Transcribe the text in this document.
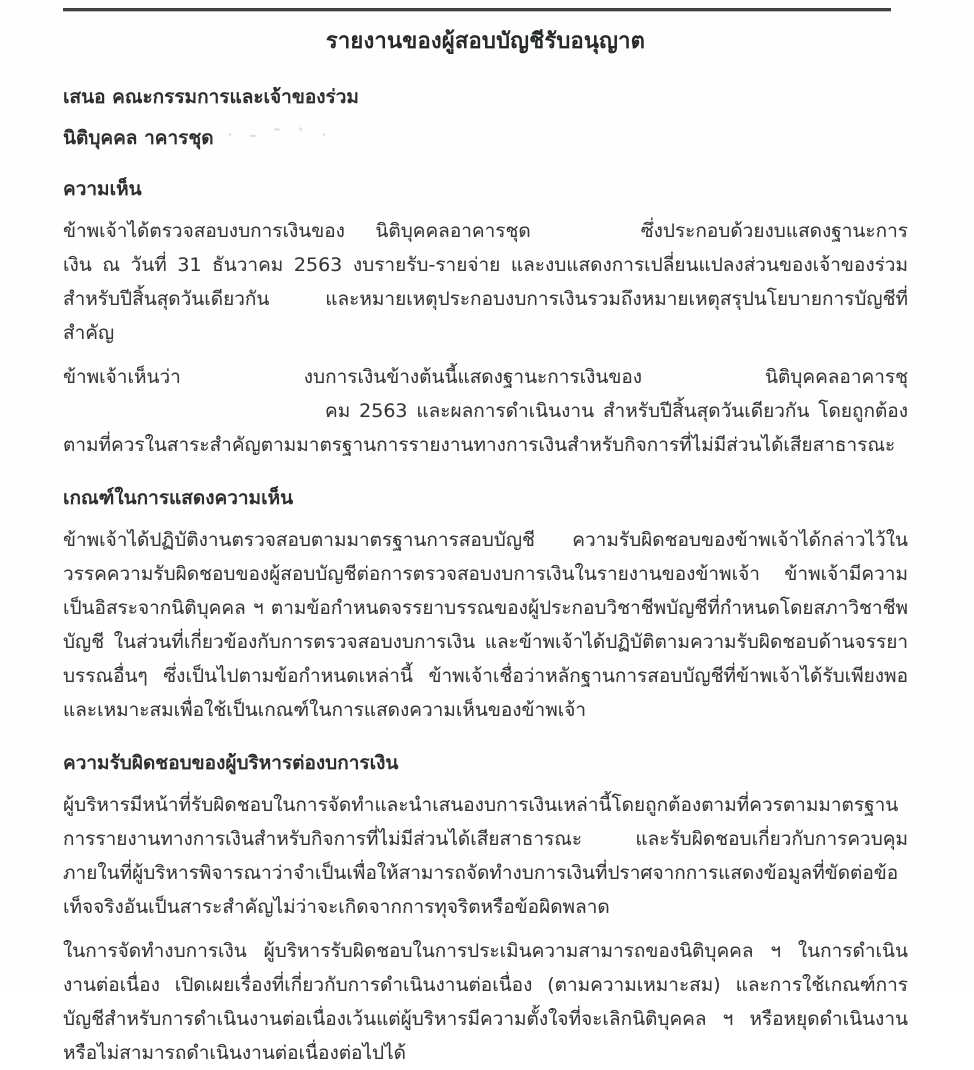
รายงานของผู้สอบบัญชีรับอนุญาต

เสนอ คณะกรรมการและเจ้าของร่วม

นิติบุคคล าคารชุด · – ˜ ` ·

ความเห็น

ข้าพเจ้าได้ตรวจสอบงบการเงินของ นิติบุคคลอาคารชุด	ซึ่งประกอบด้วยงบแสดงฐานะการเงิน ณ วันที่ 31 ธันวาคม 2563 งบรายรับ-รายจ่าย และงบแสดงการเปลี่ยนแปลงส่วนของเจ้าของร่วม สำหรับปีสิ้นสุดวันเดียวกัน และหมายเหตุประกอบงบการเงินรวมถึงหมายเหตุสรุปนโยบายการบัญชีที่สำคัญ

ข้าพเจ้าเห็นว่า งบการเงินข้างต้นนี้แสดงฐานะการเงินของ นิติบุคคลอาคารชุคม 2563 และผลการดำเนินงาน สำหรับปีสิ้นสุดวันเดียวกัน โดยถูกต้องตามที่ควรในสาระสำคัญตามมาตรฐานการรายงานทางการเงินสำหรับกิจการที่ไม่มีส่วนได้เสียสาธารณะ

เกณฑ์ในการแสดงความเห็น

ข้าพเจ้าได้ปฏิบัติงานตรวจสอบตามมาตรฐานการสอบบัญชี ความรับผิดชอบของข้าพเจ้าได้กล่าวไว้ในวรรคความรับผิดชอบของผู้สอบบัญชีต่อการตรวจสอบงบการเงินในรายงานของข้าพเจ้า ข้าพเจ้ามีความเป็นอิสระจากนิติบุคคล ฯ ตามข้อกำหนดจรรยาบรรณของผู้ประกอบวิชาชีพบัญชีที่กำหนดโดยสภาวิชาชีพบัญชี ในส่วนที่เกี่ยวข้องกับการตรวจสอบงบการเงิน และข้าพเจ้าได้ปฏิบัติตามความรับผิดชอบด้านจรรยาบรรณอื่นๆ ซึ่งเป็นไปตามข้อกำหนดเหล่านี้ ข้าพเจ้าเชื่อว่าหลักฐานการสอบบัญชีที่ข้าพเจ้าได้รับเพียงพอและเหมาะสมเพื่อใช้เป็นเกณฑ์ในการแสดงความเห็นของข้าพเจ้า

ความรับผิดชอบของผู้บริหารต่องบการเงิน

ผู้บริหารมีหน้าที่รับผิดชอบในการจัดทำและนำเสนองบการเงินเหล่านี้โดยถูกต้องตามที่ควรตามมาตรฐานการรายงานทางการเงินสำหรับกิจการที่ไม่มีส่วนได้เสียสาธารณะ และรับผิดชอบเกี่ยวกับการควบคุมภายในที่ผู้บริหารพิจารณาว่าจำเป็นเพื่อให้สามารถจัดทำงบการเงินที่ปราศจากการแสดงข้อมูลที่ขัดต่อข้อเท็จจริงอันเป็นสาระสำคัญไม่ว่าจะเกิดจากการทุจริตหรือข้อผิดพลาด

ในการจัดทำงบการเงิน ผู้บริหารรับผิดชอบในการประเมินความสามารถของนิติบุคคล ฯ ในการดำเนินงานต่อเนื่อง เปิดเผยเรื่องที่เกี่ยวกับการดำเนินงานต่อเนื่อง (ตามความเหมาะสม) และการใช้เกณฑ์การบัญชีสำหรับการดำเนินงานต่อเนื่องเว้นแต่ผู้บริหารมีความตั้งใจที่จะเลิกนิติบุคคล ฯ หรือหยุดดำเนินงานหรือไม่สามารถดำเนินงานต่อเนื่องต่อไปได้
